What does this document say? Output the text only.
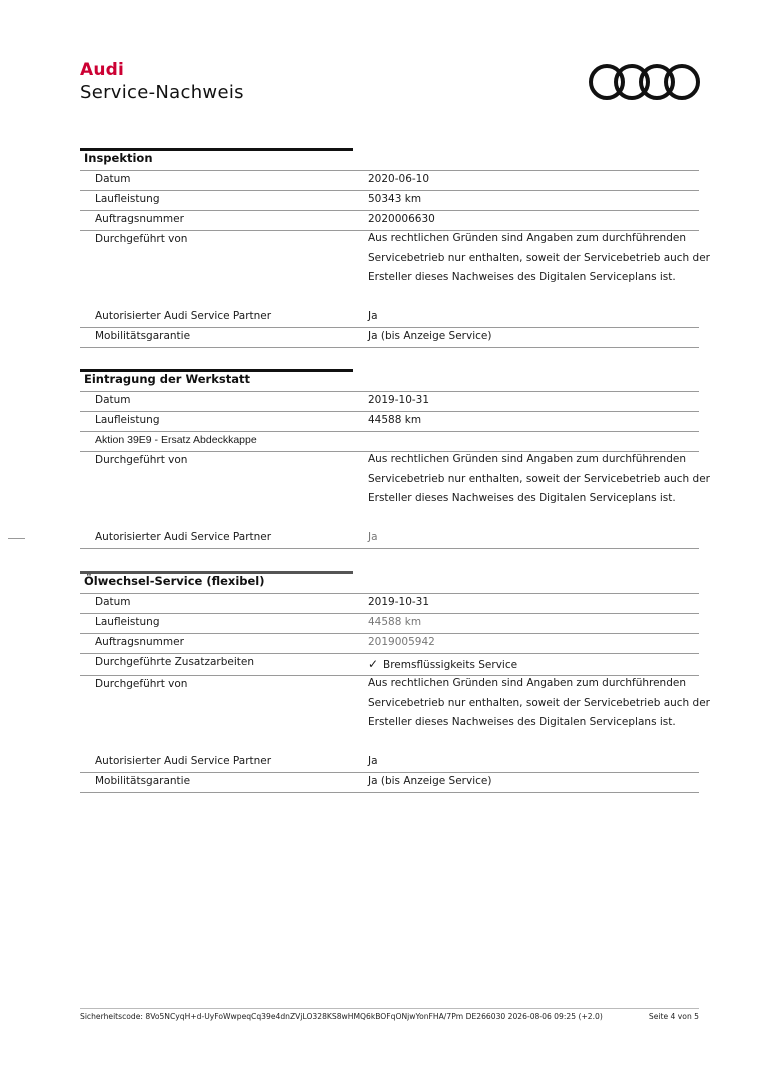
Audi
Service-Nachweis
Inspektion
Datum	2020-06-10
Laufleistung	50343 km
Auftragsnummer	2020006630
Durchgeführt von	Aus rechtlichen Gründen sind Angaben zum durchführenden
Servicebetrieb nur enthalten, soweit der Servicebetrieb auch der
Ersteller dieses Nachweises des Digitalen Serviceplans ist.
Autorisierter Audi Service Partner	Ja
Mobilitätsgarantie	Ja (bis Anzeige Service)
Eintragung der Werkstatt
Datum	2019-10-31
Laufleistung	44588 km
Aktion 39E9 - Ersatz Abdeckkappe
Durchgeführt von	Aus rechtlichen Gründen sind Angaben zum durchführenden
Servicebetrieb nur enthalten, soweit der Servicebetrieb auch der
Ersteller dieses Nachweises des Digitalen Serviceplans ist.
Autorisierter Audi Service Partner	Ja
Ölwechsel-Service (flexibel)
Datum	2019-10-31
Laufleistung	44588 km
Auftragsnummer	2019005942
Durchgeführte Zusatzarbeiten	✓ Bremsflüssigkeits Service
Durchgeführt von	Aus rechtlichen Gründen sind Angaben zum durchführenden
Servicebetrieb nur enthalten, soweit der Servicebetrieb auch der
Ersteller dieses Nachweises des Digitalen Serviceplans ist.
Autorisierter Audi Service Partner	Ja
Mobilitätsgarantie	Ja (bis Anzeige Service)
Sicherheitscode: 8Vo5NCyqH+d-UyFoWwpeqCq39e4dnZVjLO328KS8wHMQ6kBOFqONjwYonFHA/7Pm DE266030 2026-08-06 09:25 (+2.0)	Seite 4 von 5
